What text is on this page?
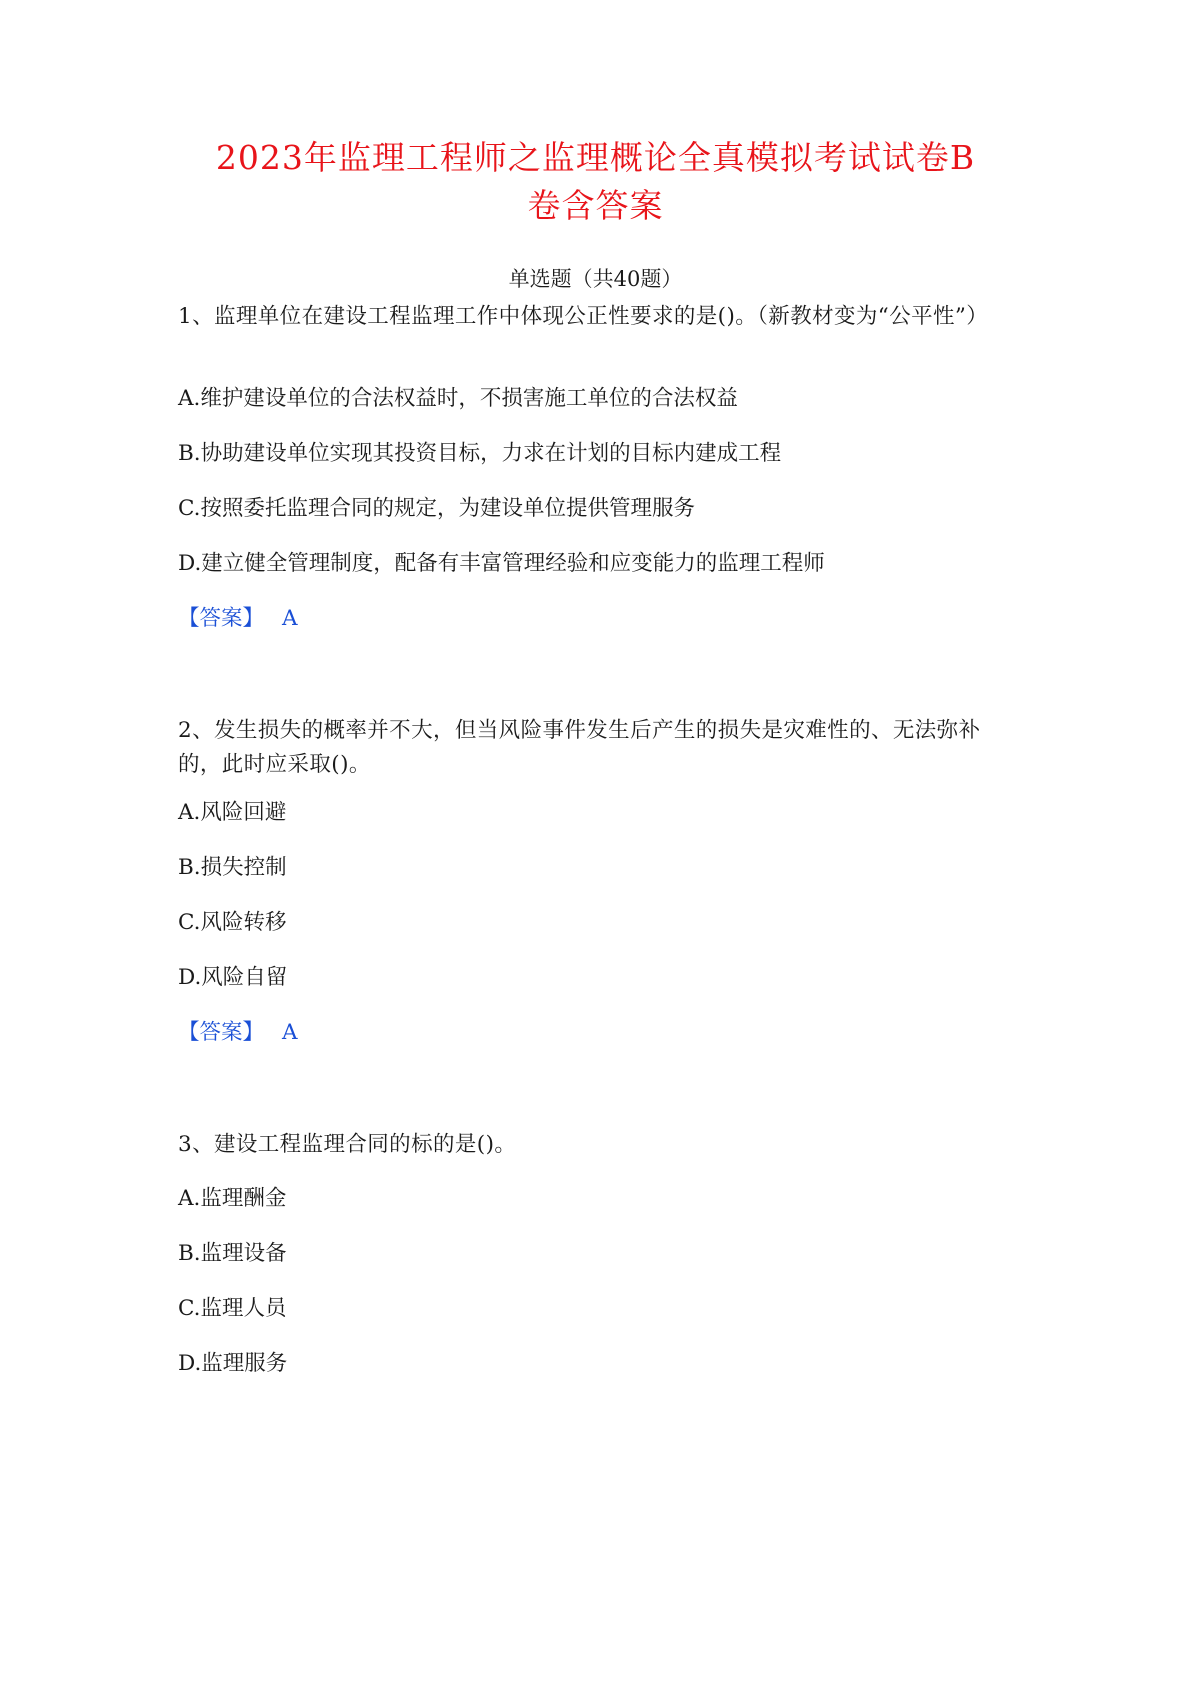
2023年监理工程师之监理概论全真模拟考试试卷B
卷含答案
单选题（共40题）
1、监理单位在建设工程监理工作中体现公正性要求的是()。（新教材变为“公平性”）
A.维护建设单位的合法权益时，不损害施工单位的合法权益
B.协助建设单位实现其投资目标，力求在计划的目标内建成工程
C.按照委托监理合同的规定，为建设单位提供管理服务
D.建立健全管理制度，配备有丰富管理经验和应变能力的监理工程师
【答案】 A
2、发生损失的概率并不大，但当风险事件发生后产生的损失是灾难性的、无法弥补的，此时应采取()。
A.风险回避
B.损失控制
C.风险转移
D.风险自留
【答案】 A
3、建设工程监理合同的标的是()。
A.监理酬金
B.监理设备
C.监理人员
D.监理服务
